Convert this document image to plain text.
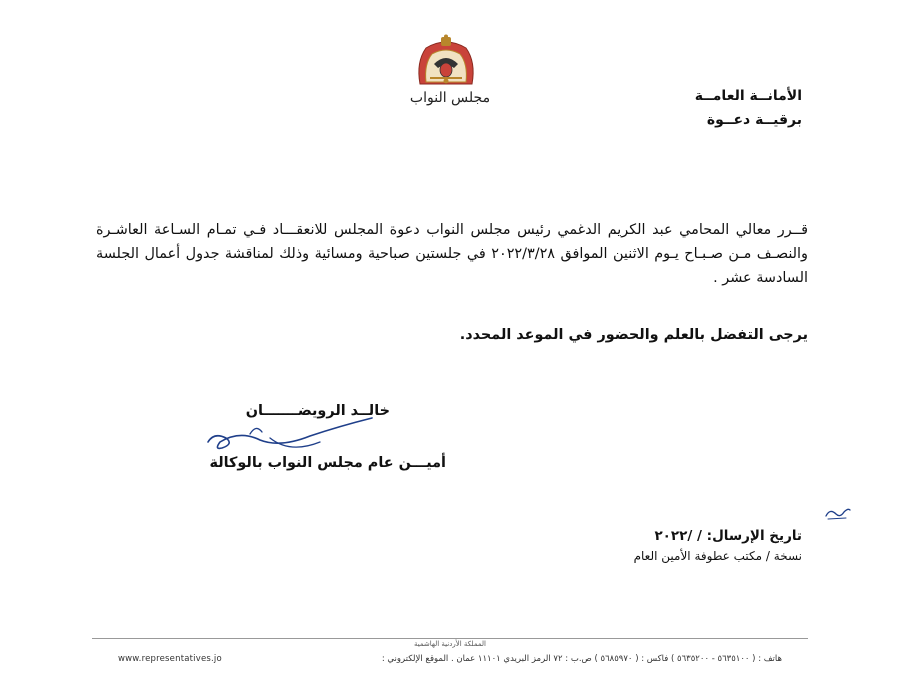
مجلس النواب	الأمانــة العامــة
برقيــة دعــوة

قــرر معالي المحامي عبد الكريم الدغمي رئيس مجلس النواب دعوة المجلس للانعقـــاد فـي تمـام السـاعة العاشـرة والنصـف مـن صـبـاح يـوم الاثنين الموافق ٢٠٢٢/٣/٢٨ في جلستين صباحية ومسائية وذلك لمناقشة جدول أعمال الجلسة السادسة عشر .

يرجى التفضل بالعلم والحضور في الموعد المحدد.
خالــد الرويضـــــــان
أميـــن عام مجلس النواب بالوكالة
تاريخ الإرسال: / /٢٠٢٢
نسخة / مكتب عطوفة الأمين العام
المملكة الأردنية الهاشمية
هاتف : ( ٥٦٣٥١٠٠ - ٥٦٣٥٢٠٠ ) فاكس : ( ٥٦٨٥٩٧٠ ) ص.ب : ٧٢ الرمز البريدي ١١١٠١ عمان . الموقع الإلكتروني :
www.representatives.jo
